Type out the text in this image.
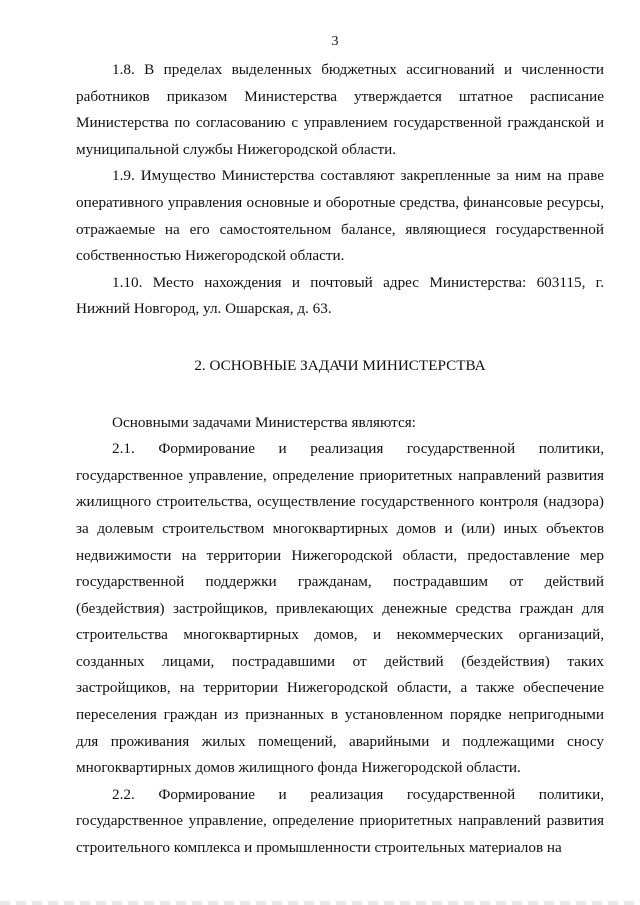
3

1.8. В пределах выделенных бюджетных ассигнований и численности работников приказом Министерства утверждается штатное расписание Министерства по согласованию с управлением государственной гражданской и муниципальной службы Нижегородской области.

1.9. Имущество Министерства составляют закрепленные за ним на праве оперативного управления основные и оборотные средства, финансовые ресурсы, отражаемые на его самостоятельном балансе, являющиеся государственной собственностью Нижегородской области.

1.10. Место нахождения и почтовый адрес Министерства: 603115, г. Нижний Новгород, ул. Ошарская, д. 63.

2. ОСНОВНЫЕ ЗАДАЧИ МИНИСТЕРСТВА

Основными задачами Министерства являются:

2.1. Формирование и реализация государственной политики, государственное управление, определение приоритетных направлений развития жилищного строительства, осуществление государственного контроля (надзора) за долевым строительством многоквартирных домов и (или) иных объектов недвижимости на территории Нижегородской области, предоставление мер государственной поддержки гражданам, пострадавшим от действий (бездействия) застройщиков, привлекающих денежные средства граждан для строительства многоквартирных домов, и некоммерческих организаций, созданных лицами, пострадавшими от действий (бездействия) таких застройщиков, на территории Нижегородской области, а также обеспечение переселения граждан из признанных в установленном порядке непригодными для проживания жилых помещений, аварийными и подлежащими сносу многоквартирных домов жилищного фонда Нижегородской области.

2.2. Формирование и реализация государственной политики, государственное управление, определение приоритетных направлений развития строительного комплекса и промышленности строительных материалов на
